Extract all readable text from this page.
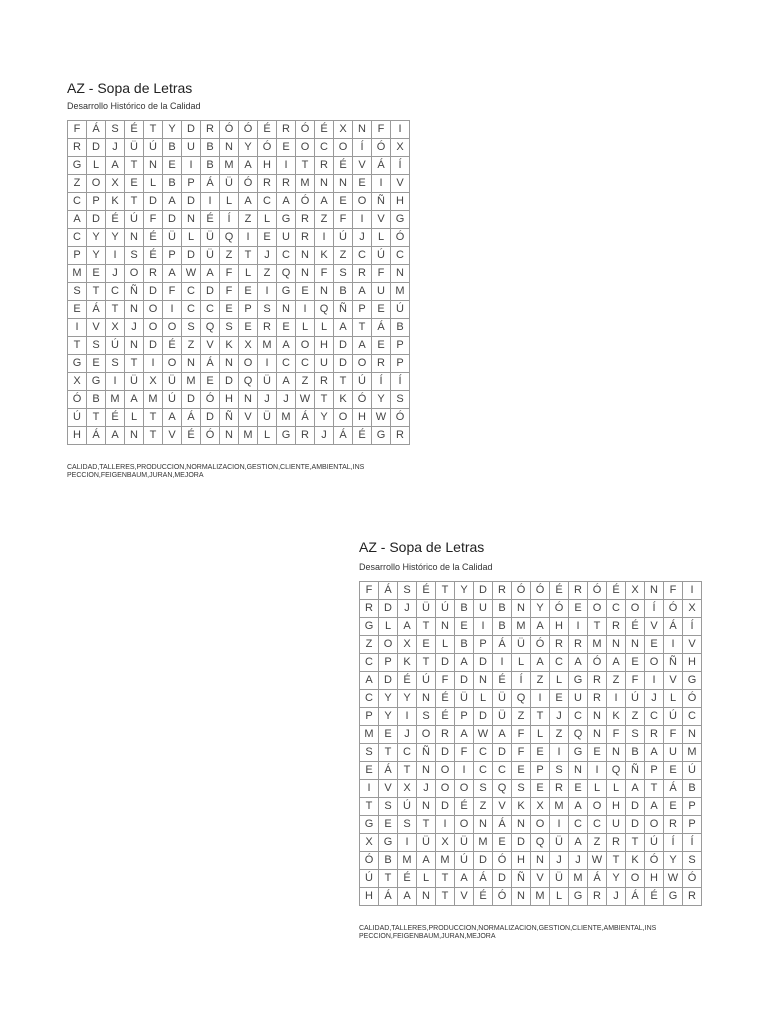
AZ - Sopa de Letras
Desarrollo Histórico de la Calidad
F	Á	S	É	T	Y	D	R	Ó	Ó	É	R	Ó	É	X	N	F	I
R	D	J	Ü	Ú	B	U	B	N	Y	Ó	E	O	C	O	Í	Ó	X
G	L	A	T	N	E	I	B	M	A	H	I	T	R	É	V	Á	Í
Z	O	X	E	L	B	P	Á	Ü	Ó	R	R	M	N	N	E	I	V
C	P	K	T	D	A	D	I	L	A	C	A	Ó	A	E	O	Ñ	H
A	D	É	Ú	F	D	N	É	Í	Z	L	G	R	Z	F	I	V	G
C	Y	Y	N	É	Ü	L	Ü	Q	I	E	U	R	I	Ú	J	L	Ó
P	Y	I	S	É	P	D	Ü	Z	T	J	C	N	K	Z	C	Ú	C
M	E	J	O	R	A	W	A	F	L	Z	Q	N	F	S	R	F	N
S	T	C	Ñ	D	F	C	D	F	E	I	G	E	N	B	A	U	M
E	Á	T	N	O	I	C	C	E	P	S	N	I	Q	Ñ	P	E	Ú
I	V	X	J	O	O	S	Q	S	E	R	E	L	L	A	T	Á	B
T	S	Ú	N	D	É	Z	V	K	X	M	A	O	H	D	A	E	P
G	E	S	T	I	O	N	Á	N	O	I	C	C	U	D	O	R	P
X	G	I	Ü	X	Ü	M	E	D	Q	Ü	A	Z	R	T	Ú	Í	Í
Ó	B	M	A	M	Ú	D	Ó	H	N	J	J	W	T	K	Ó	Y	S
Ú	T	É	L	T	A	Á	D	Ñ	V	Ü	M	Á	Y	O	H	W	Ó
H	Á	A	N	T	V	É	Ó	N	M	L	G	R	J	Á	É	G	R
CALIDAD,TALLERES,PRODUCCION,NORMALIZACION,GESTION,CLIENTE,AMBIENTAL,INS
PECCION,FEIGENBAUM,JURAN,MEJORA
AZ - Sopa de Letras
Desarrollo Histórico de la Calidad
F	Á	S	É	T	Y	D	R	Ó	Ó	É	R	Ó	É	X	N	F	I
R	D	J	Ü	Ú	B	U	B	N	Y	Ó	E	O	C	O	Í	Ó	X
G	L	A	T	N	E	I	B	M	A	H	I	T	R	É	V	Á	Í
Z	O	X	E	L	B	P	Á	Ü	Ó	R	R	M	N	N	E	I	V
C	P	K	T	D	A	D	I	L	A	C	A	Ó	A	E	O	Ñ	H
A	D	É	Ú	F	D	N	É	Í	Z	L	G	R	Z	F	I	V	G
C	Y	Y	N	É	Ü	L	Ü	Q	I	E	U	R	I	Ú	J	L	Ó
P	Y	I	S	É	P	D	Ü	Z	T	J	C	N	K	Z	C	Ú	C
M	E	J	O	R	A	W	A	F	L	Z	Q	N	F	S	R	F	N
S	T	C	Ñ	D	F	C	D	F	E	I	G	E	N	B	A	U	M
E	Á	T	N	O	I	C	C	E	P	S	N	I	Q	Ñ	P	E	Ú
I	V	X	J	O	O	S	Q	S	E	R	E	L	L	A	T	Á	B
T	S	Ú	N	D	É	Z	V	K	X	M	A	O	H	D	A	E	P
G	E	S	T	I	O	N	Á	N	O	I	C	C	U	D	O	R	P
X	G	I	Ü	X	Ü	M	E	D	Q	Ü	A	Z	R	T	Ú	Í	Í
Ó	B	M	A	M	Ú	D	Ó	H	N	J	J	W	T	K	Ó	Y	S
Ú	T	É	L	T	A	Á	D	Ñ	V	Ü	M	Á	Y	O	H	W	Ó
H	Á	A	N	T	V	É	Ó	N	M	L	G	R	J	Á	É	G	R
CALIDAD,TALLERES,PRODUCCION,NORMALIZACION,GESTION,CLIENTE,AMBIENTAL,INS
PECCION,FEIGENBAUM,JURAN,MEJORA
